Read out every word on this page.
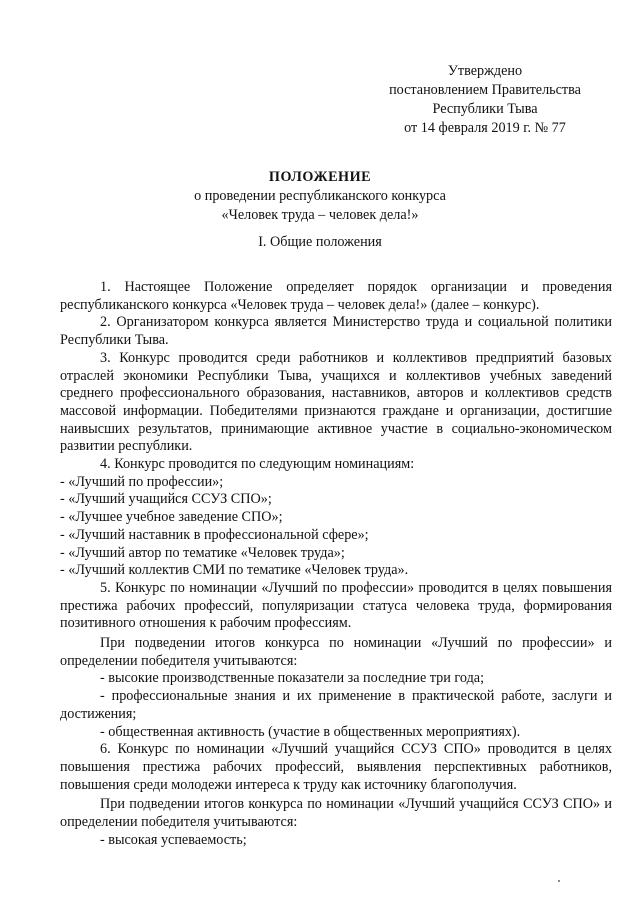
Утверждено
постановлением Правительства
Республики Тыва
от 14 февраля 2019 г. № 77
ПОЛОЖЕНИЕ
о проведении республиканского конкурса
«Человек труда – человек дела!»
I. Общие положения

1. Настоящее Положение определяет порядок организации и проведения республиканского конкурса «Человек труда – человек дела!» (далее – конкурс).

2. Организатором конкурса является Министерство труда и социальной политики Республики Тыва.

3. Конкурс проводится среди работников и коллективов предприятий базовых отраслей экономики Республики Тыва, учащихся и коллективов учебных заведений среднего профессионального образования, наставников, авторов и коллективов средств массовой информации. Победителями признаются граждане и организации, достигшие наивысших результатов, принимающие активное участие в социально-экономическом развитии республики.

4. Конкурс проводится по следующим номинациям:

- «Лучший по профессии»;

- «Лучший учащийся ССУЗ СПО»;

- «Лучшее учебное заведение СПО»;

- «Лучший наставник в профессиональной сфере»;

- «Лучший автор по тематике «Человек труда»;

- «Лучший коллектив СМИ по тематике «Человек труда».

5. Конкурс по номинации «Лучший по профессии» проводится в целях повышения престижа рабочих профессий, популяризации статуса человека труда, формирования позитивного отношения к рабочим профессиям.

При подведении итогов конкурса по номинации «Лучший по профессии» и определении победителя учитываются:

- высокие производственные показатели за последние три года;

- профессиональные знания и их применение в практической работе, заслуги и достижения;

- общественная активность (участие в общественных мероприятиях).

6. Конкурс по номинации «Лучший учащийся ССУЗ СПО» проводится в целях повышения престижа рабочих профессий, выявления перспективных работников, повышения среди молодежи интереса к труду как источнику благополучия.

При подведении итогов конкурса по номинации «Лучший учащийся ССУЗ СПО» и определении победителя учитываются:

- высокая успеваемость;
